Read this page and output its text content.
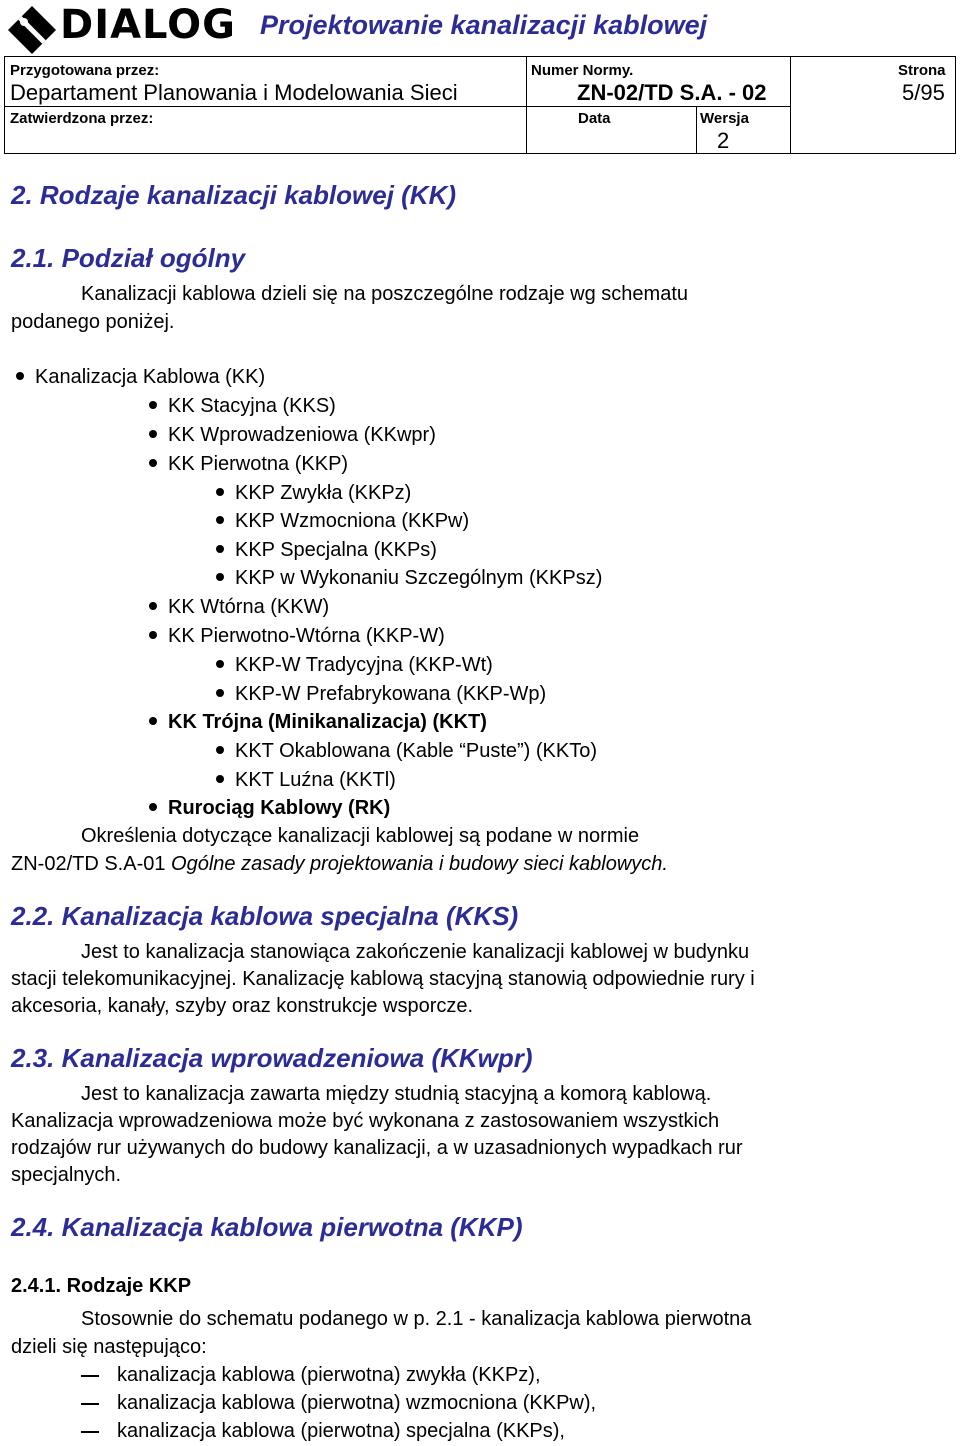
DIALOG Projektowanie kanalizacji kablowej
Przygotowana przez:
Departament Planowania i Modelowania Sieci
Zatwierdzona przez:
Numer Normy.
ZN-02/TD S.A. - 02
Data	Wersja
2
Strona
5/95
2. Rodzaje kanalizacji kablowej (KK)
2.1. Podział ogólny
Kanalizacji kablowa dzieli się na poszczególne rodzaje wg schematu
podanego poniżej.
Kanalizacja Kablowa (KK)
KK Stacyjna (KKS)
KK Wprowadzeniowa (KKwpr)
KK Pierwotna (KKP)
KKP Zwykła (KKPz)
KKP Wzmocniona (KKPw)
KKP Specjalna (KKPs)
KKP w Wykonaniu Szczególnym (KKPsz)
KK Wtórna (KKW)
KK Pierwotno-Wtórna (KKP-W)
KKP-W Tradycyjna (KKP-Wt)
KKP-W Prefabrykowana (KKP-Wp)
KK Trójna (Minikanalizacja) (KKT)
KKT Okablowana (Kable “Puste”) (KKTo)
KKT Luźna (KKTl)
Rurociąg Kablowy (RK)
Określenia dotyczące kanalizacji kablowej są podane w normie
ZN-02/TD S.A-01 Ogólne zasady projektowania i budowy sieci kablowych.
2.2. Kanalizacja kablowa specjalna (KKS)
Jest to kanalizacja stanowiąca zakończenie kanalizacji kablowej w budynku
stacji telekomunikacyjnej. Kanalizację kablową stacyjną stanowią odpowiednie rury i
akcesoria, kanały, szyby oraz konstrukcje wsporcze.
2.3. Kanalizacja wprowadzeniowa (KKwpr)
Jest to kanalizacja zawarta między studnią stacyjną a komorą kablową.
Kanalizacja wprowadzeniowa może być wykonana z zastosowaniem wszystkich
rodzajów rur używanych do budowy kanalizacji, a w uzasadnionych wypadkach rur
specjalnych.
2.4. Kanalizacja kablowa pierwotna (KKP)
2.4.1. Rodzaje KKP
Stosownie do schematu podanego w p. 2.1 - kanalizacja kablowa pierwotna
dzieli się następująco:
kanalizacja kablowa (pierwotna) zwykła (KKPz),
kanalizacja kablowa (pierwotna) wzmocniona (KKPw),
kanalizacja kablowa (pierwotna) specjalna (KKPs),
